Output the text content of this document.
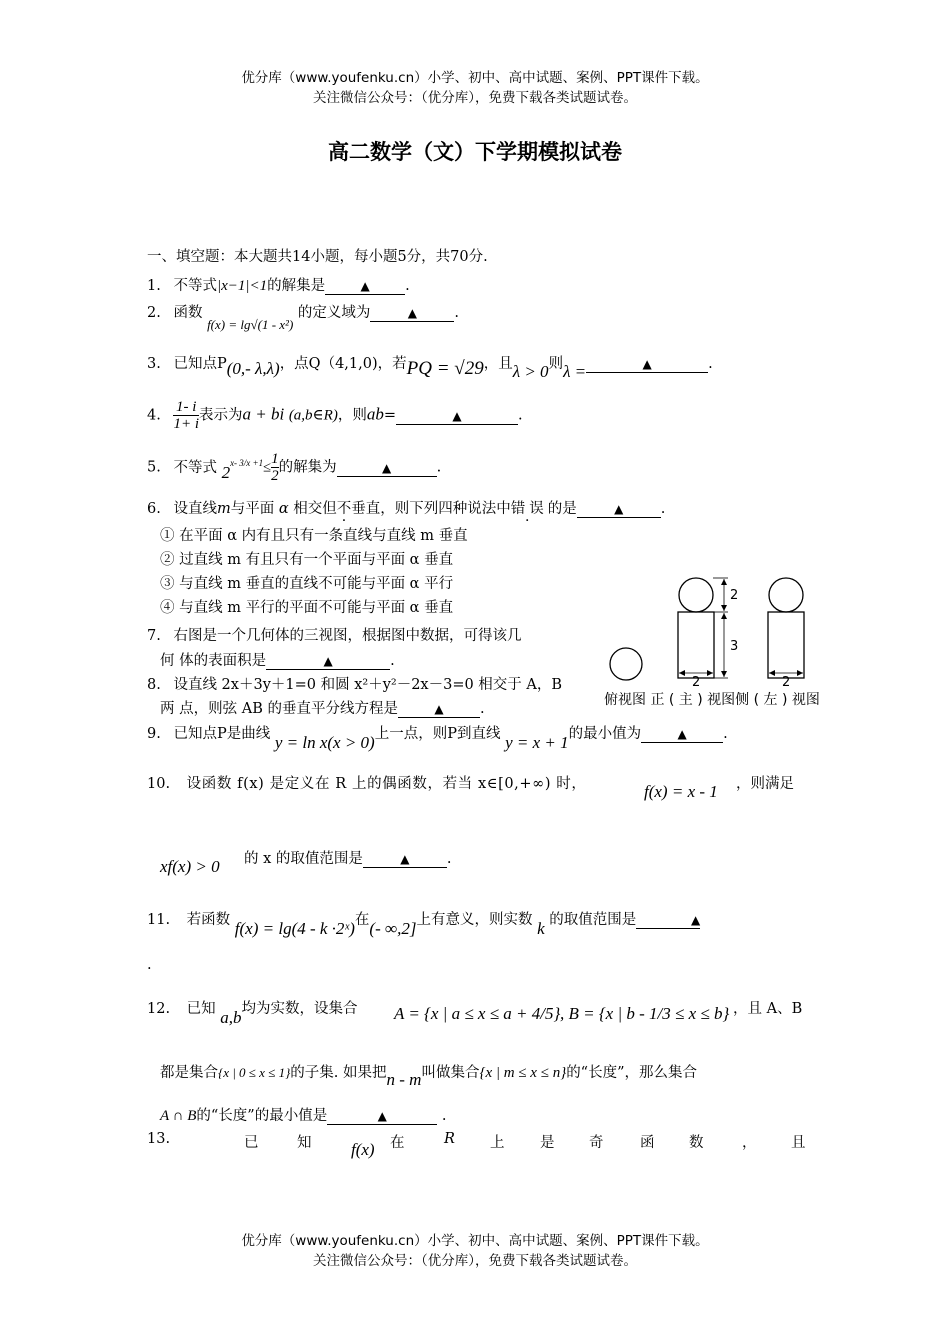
优分库（www.youfenku.cn）小学、初中、高中试题、案例、PPT课件下载。
关注微信公众号：（优分库），免费下载各类试题试卷。
高二数学（文）下学期模拟试卷
一、填空题：本大题共14小题，每小题5分，共70分.
1. 不等式|x−1|<1的解集是	▲ .
2. 函数 f(x) = lg√(1 - x²) 的定义域为	▲	.
3. 已知点P(0,- λ,λ)，点Q（4,1,0)，若PQ = √29，且λ > 0则λ =	▲	.
4. $\frac{1- i}{1+ i}$ 表示为a + bi (a,b∈R)，则ab=	▲	.
5. 不等式 $2^{x- 3/x +1}\le \frac{1}{2}$ 的解集为	▲	.
6. 设直线m与平面 α 相交但不垂直，则下列四种说法中错误的是	▲	.
① 在平面 α 内有且只有一条直线与直线 m 垂直
② 过直线 m 有且只有一个平面与平面 α 垂直
③ 与直线 m 垂直的直线不可能与平面 α 平行
④ 与直线 m 平行的平面不可能与平面 α 垂直
7. 右图是一个几何体的三视图，根据图中数据，可得该几
何 体的表面积是	▲	.
2
3
2	2
俯视图 正 ( 主 ) 视图侧 ( 左 ) 视图
8. 设直线 2x＋3y＋1=0 和圆 x²＋y²－2x－3=0 相交于 A，B
两 点，则弦 AB 的垂直平分线方程是	▲	.
9. 已知点P是曲线 y = ln x(x > 0)上一点，则P到直线 y = x + 1的最小值为	▲	.
10. 设函数 f(x) 是定义在 R 上的偶函数，若当 x∈[0,+∞) 时，	f(x) = x - 1 ，则满足
xf(x) > 0 的 x 的取值范围是	▲	.
11. 若函数 f(x) = lg(4 - k ·2ˣ)在(- ∞,2]上有意义，则实数 k 的取值范围是	▲
.
12. 已知 a,b均为实数，设集合 A = {x | a ≤ x ≤ a + 4/5} , B = {x | b - 1/3 ≤ x ≤ b} ，且 A、B
都是集合{x | 0 ≤ x ≤ 1}的子集. 如果把n - m叫做集合{x | m ≤ x ≤ n}的“长度”，那么集合
A ∩ B的“长度”的最小值是	▲	.
13.	已	知 f(x) 在	R 上 是 奇	函 数	， 且
优分库（www.youfenku.cn）小学、初中、高中试题、案例、PPT课件下载。
关注微信公众号：（优分库），免费下载各类试题试卷。
